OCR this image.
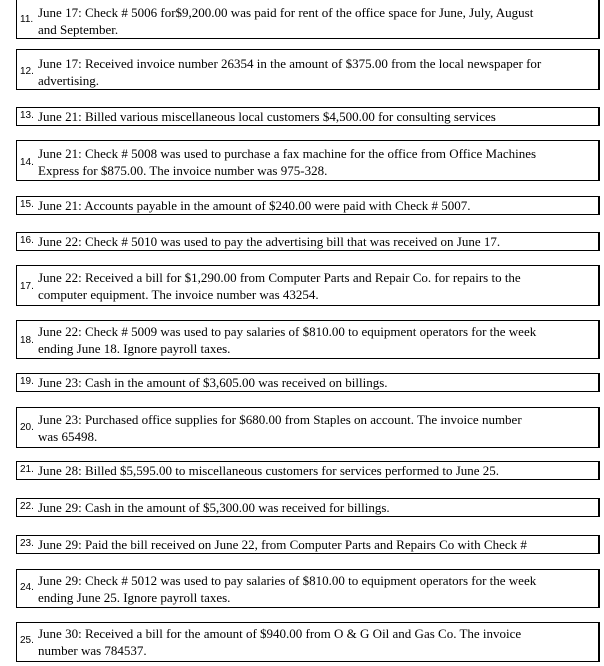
11. June 17: Check # 5006 for$9,200.00 was paid for rent of the office space for June, July, August
and September.
12.
June 17: Received invoice number 26354 in the amount of $375.00 from the local newspaper for
advertising.
13. June 21: Billed various miscellaneous local customers $4,500.00 for consulting services
14.
June 21: Check # 5008 was used to purchase a fax machine for the office from Office Machines
Express for $875.00. The invoice number was 975-328.
15. June 21: Accounts payable in the amount of $240.00 were paid with Check # 5007.
16. June 22: Check # 5010 was used to pay the advertising bill that was received on June 17.
17.
June 22: Received a bill for $1,290.00 from Computer Parts and Repair Co. for repairs to the
computer equipment. The invoice number was 43254.
18.
June 22: Check # 5009 was used to pay salaries of $810.00 to equipment operators for the week
ending June 18. Ignore payroll taxes.
19. June 23: Cash in the amount of $3,605.00 was received on billings.
20.
June 23: Purchased office supplies for $680.00 from Staples on account. The invoice number
was 65498.
21. June 28: Billed $5,595.00 to miscellaneous customers for services performed to June 25.
22. June 29: Cash in the amount of $5,300.00 was received for billings.
23. June 29: Paid the bill received on June 22, from Computer Parts and Repairs Co with Check #
24. June 29: Check # 5012 was used to pay salaries of $810.00 to equipment operators for the week
ending June 25. Ignore payroll taxes.
25. June 30: Received a bill for the amount of $940.00 from O & G Oil and Gas Co. The invoice
number was 784537.
